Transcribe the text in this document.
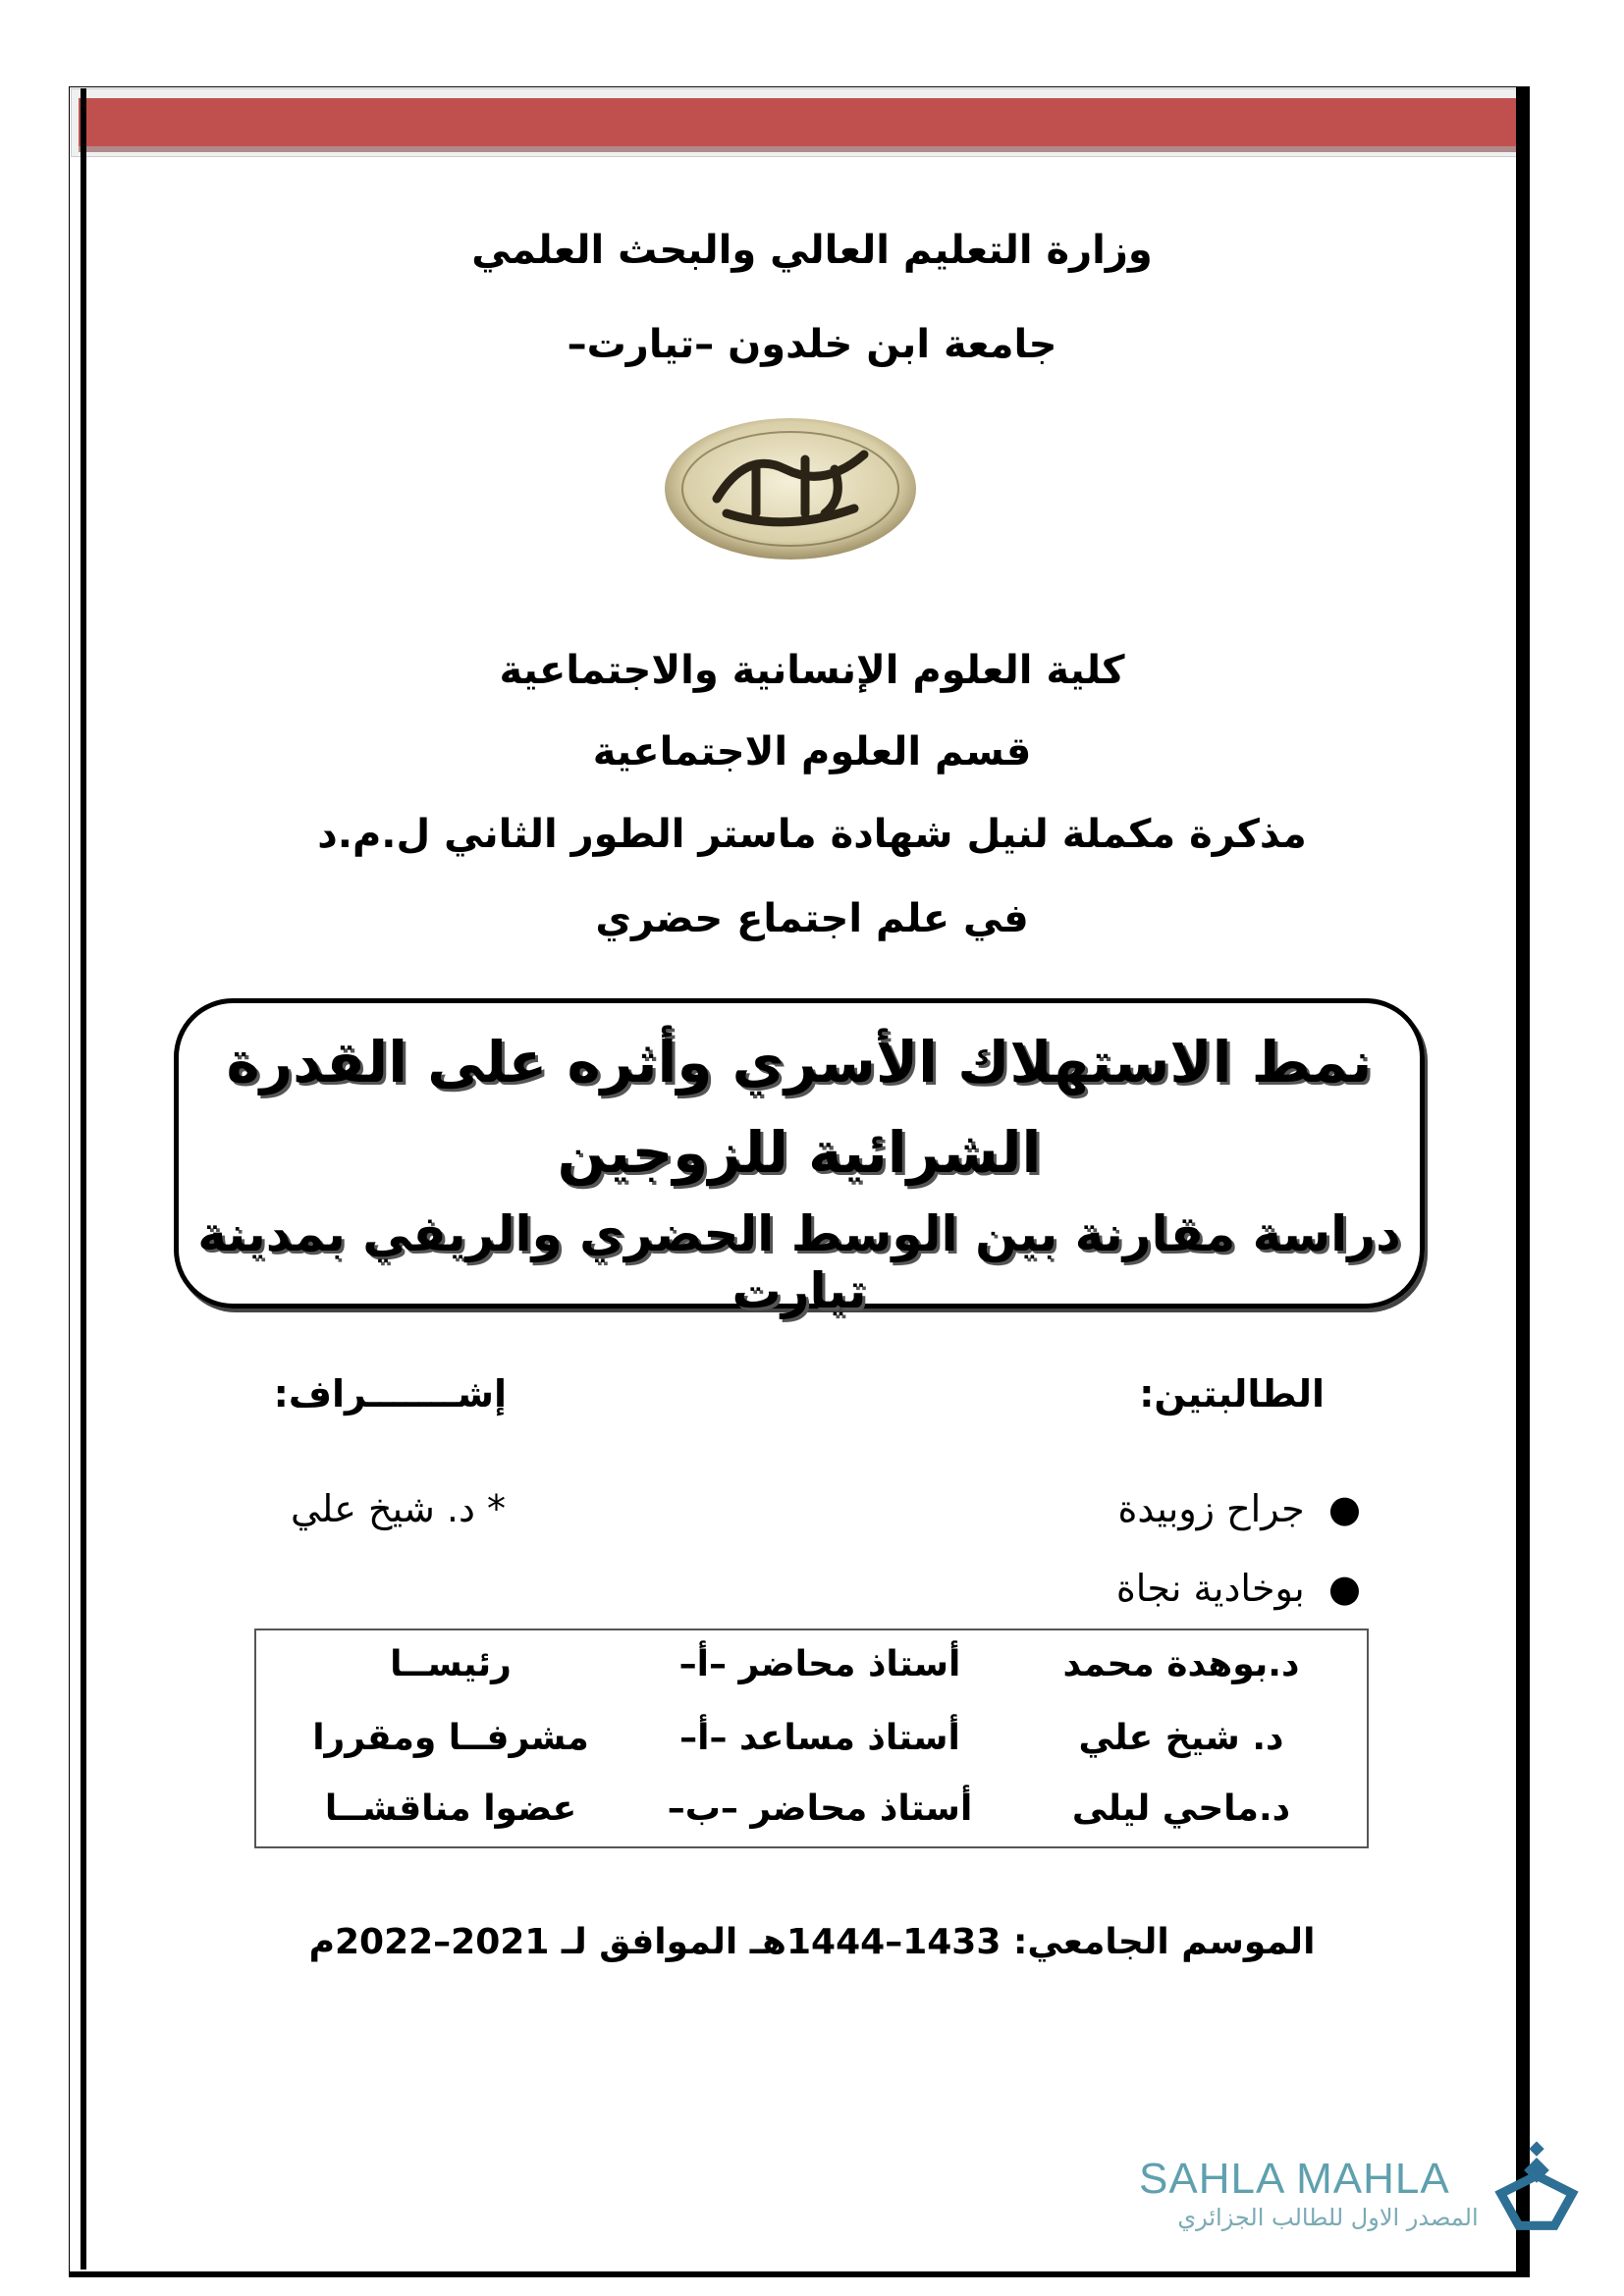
وزارة التعليم العالي والبحث العلمي
جامعة ابن خلدون –تيارت–
كلية العلوم الإنسانية والاجتماعية
قسم العلوم الاجتماعية
مذكرة مكملة لنيل شهادة ماستر الطور الثاني ل.م.د
في علم اجتماع حضري
نمط الاستهلاك الأسري وأثره على القدرة
الشرائية للزوجين
دراسة مقارنة بين الوسط الحضري والريفي بمدينة تيارت
الطالبتين:
إشـــــــراف:
●  جراح زوبيدة
●  بوخادية نجاة
* د. شيخ علي
د.بوهدة محمد
أستاذ محاضر –أ–
رئيســا
د. شيخ علي
أستاذ مساعد –أ–
مشرفــا ومقررا
د.ماحي ليلى
أستاذ محاضر –ب–
عضوا مناقشــا
الموسم الجامعي: 1433–1444هـ الموافق لـ 2021–2022م
SAHLA MAHLA
المصدر الاول للطالب الجزائري
